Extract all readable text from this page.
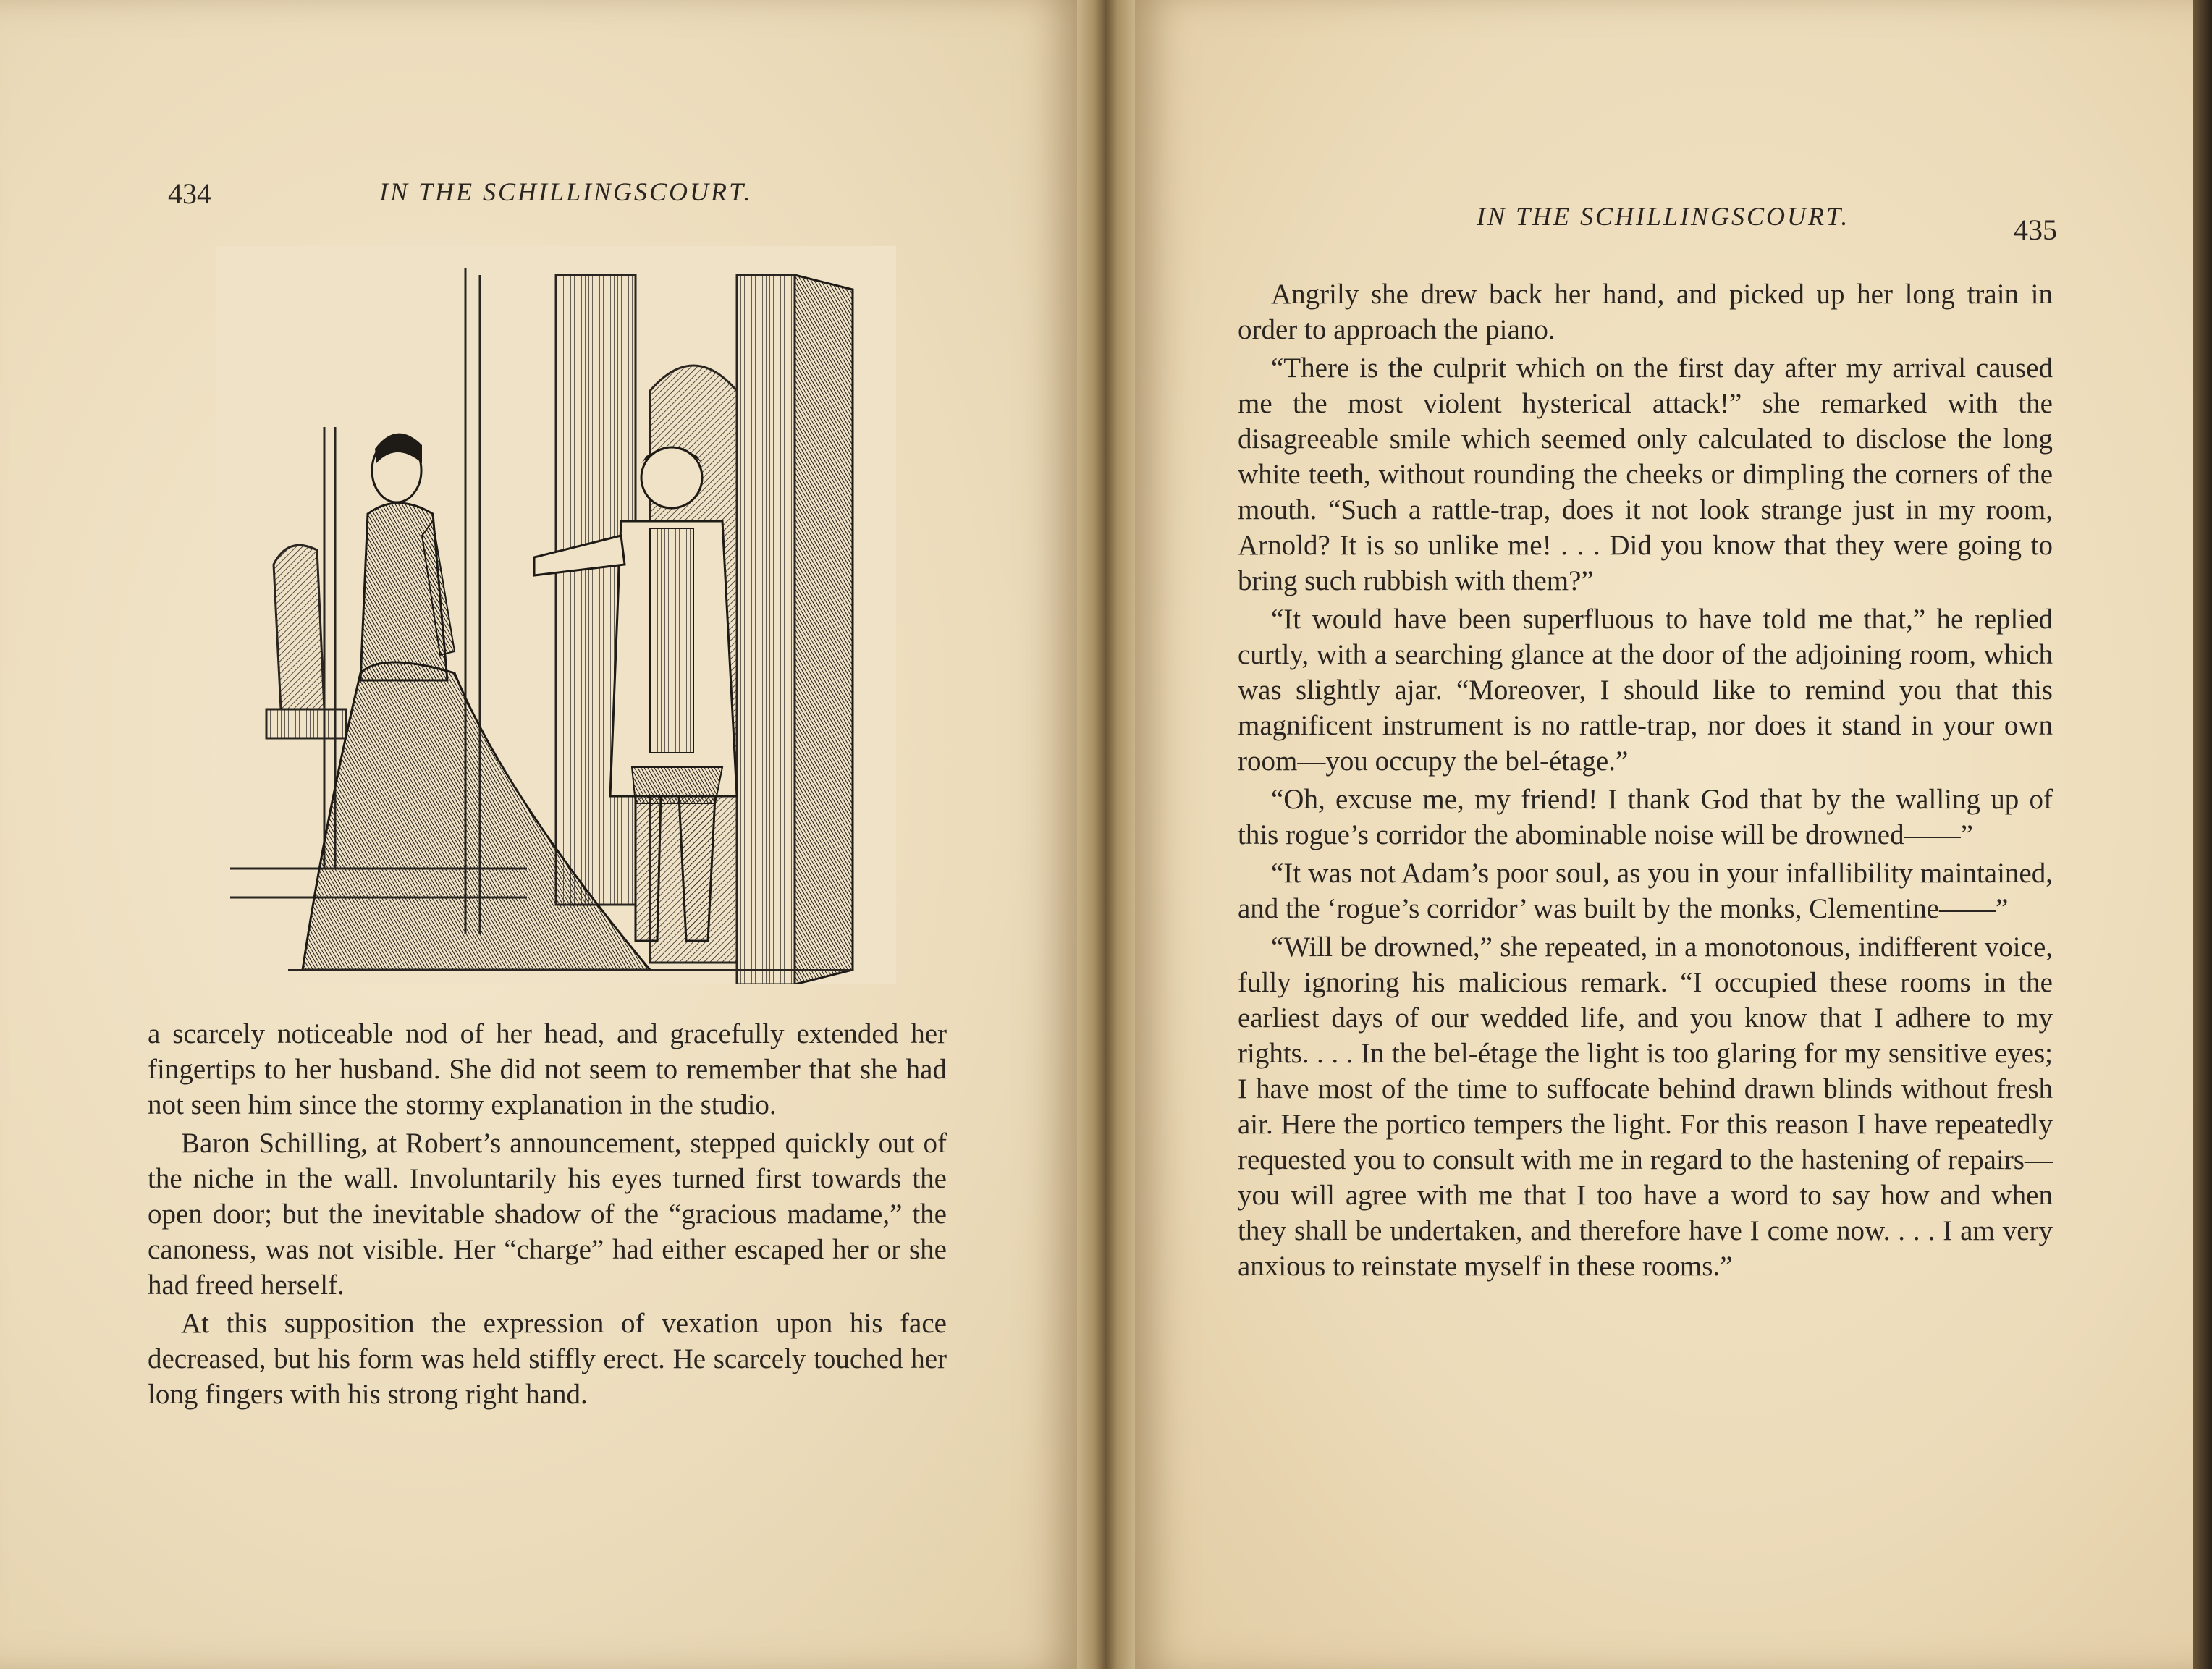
434	IN THE SCHILLINGSCOURT.

a scarcely noticeable nod of her head, and gracefully extended her fingertips to her husband. She did not seem to remember that she had not seen him since the stormy explanation in the studio.

Baron Schilling, at Robert’s announcement, stepped quickly out of the niche in the wall. Involuntarily his eyes turned first towards the open door; but the inevitable shadow of the “gracious madame,” the canoness, was not visible. Her “charge” had either escaped her or she had freed herself.

At this supposition the expression of vexation upon his face decreased, but his form was held stiffly erect. He scarcely touched her long fingers with his strong right hand.

IN THE SCHILLINGSCOURT.	435

Angrily she drew back her hand, and picked up her long train in order to approach the piano.

“There is the culprit which on the first day after my arrival caused me the most violent hysterical attack!” she remarked with the disagreeable smile which seemed only calculated to disclose the long white teeth, without rounding the cheeks or dimpling the corners of the mouth. “Such a rattle-trap, does it not look strange just in my room, Arnold? It is so unlike me! . . . Did you know that they were going to bring such rubbish with them?”

“It would have been superfluous to have told me that,” he replied curtly, with a searching glance at the door of the adjoining room, which was slightly ajar. “Moreover, I should like to remind you that this magnificent instrument is no rattle-trap, nor does it stand in your own room—you occupy the bel-étage.”

“Oh, excuse me, my friend! I thank God that by the walling up of this rogue’s corridor the abominable noise will be drowned——”

“It was not Adam’s poor soul, as you in your infallibility maintained, and the ‘rogue’s corridor’ was built by the monks, Clementine——”

“Will be drowned,” she repeated, in a monotonous, indifferent voice, fully ignoring his malicious remark. “I occupied these rooms in the earliest days of our wedded life, and you know that I adhere to my rights. . . . In the bel-étage the light is too glaring for my sensitive eyes; I have most of the time to suffocate behind drawn blinds without fresh air. Here the portico tempers the light. For this reason I have repeatedly requested you to consult with me in regard to the hastening of repairs—you will agree with me that I too have a word to say how and when they shall be undertaken, and therefore have I come now. . . . I am very anxious to reinstate myself in these rooms.”
